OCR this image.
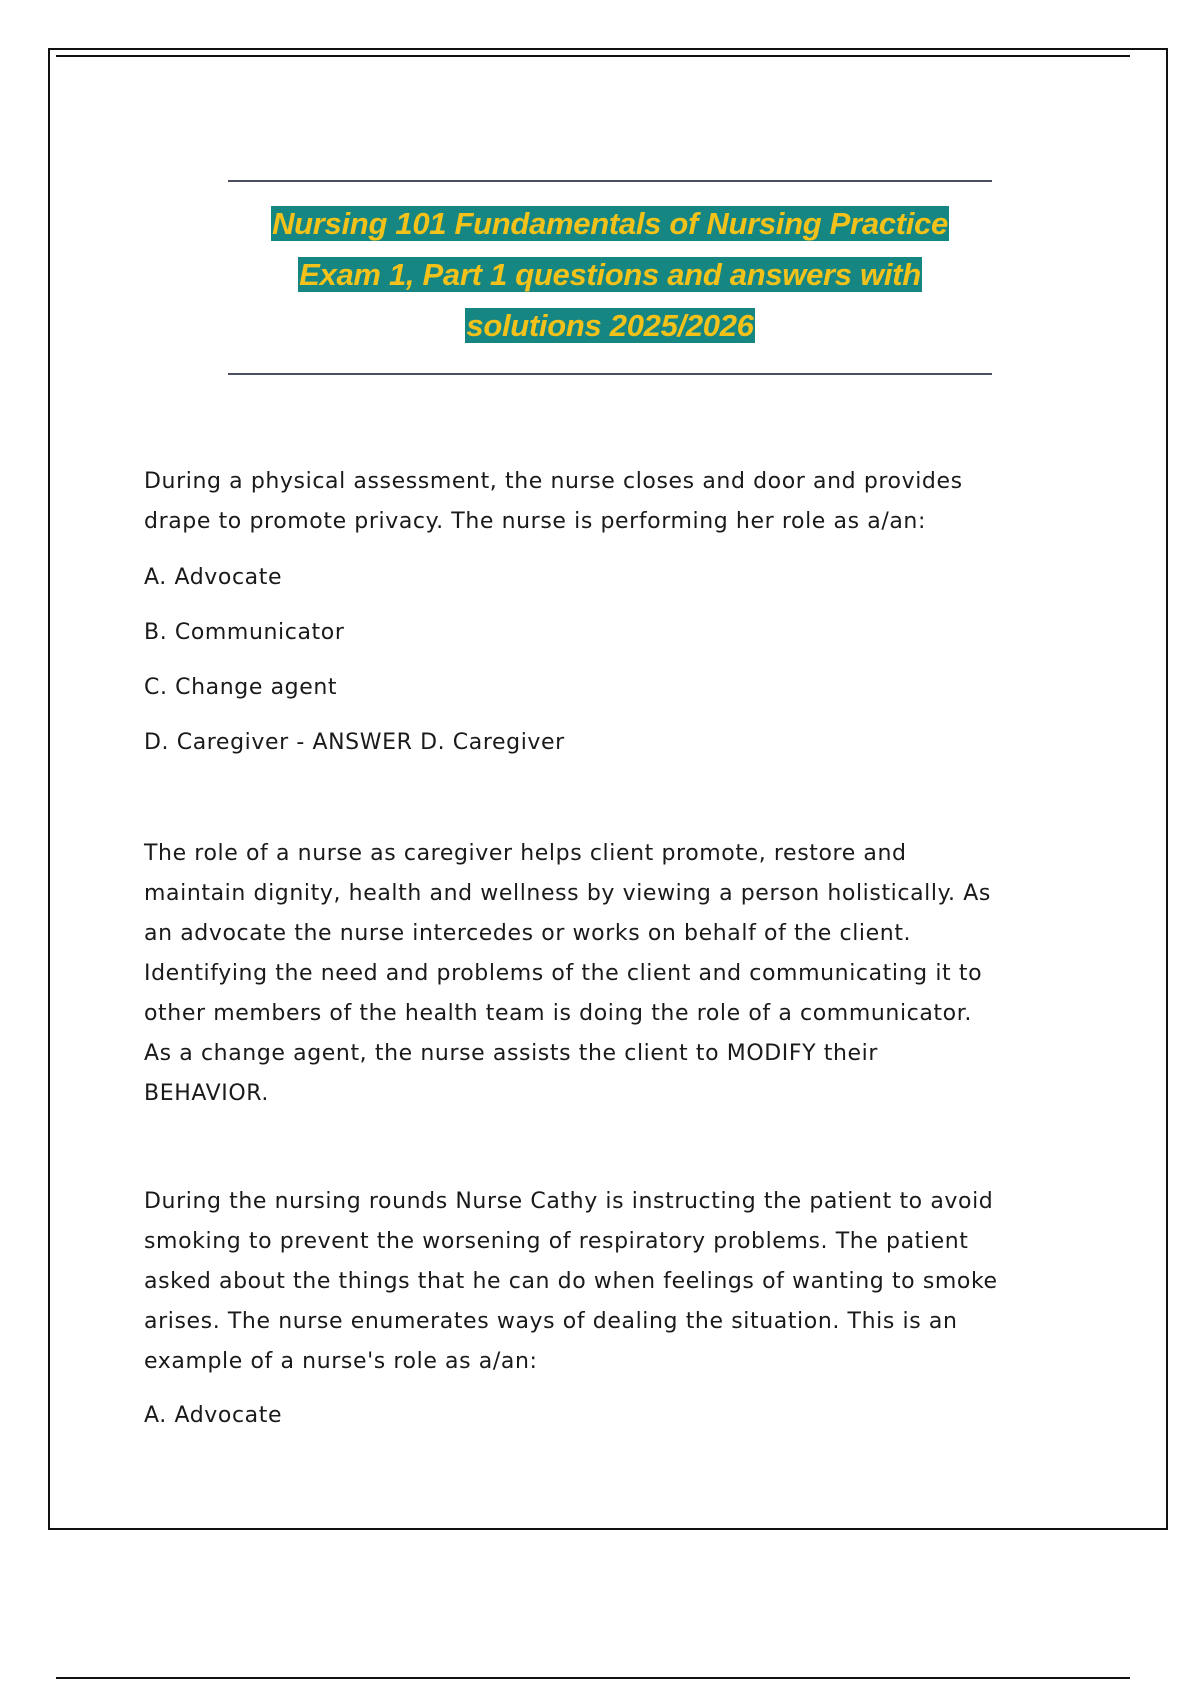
Nursing 101 Fundamentals of Nursing Practice
Exam 1, Part 1 questions and answers with
solutions 2025/2026

During a physical assessment, the nurse closes and door and provides

drape to promote privacy. The nurse is performing her role as a/an:

A. Advocate

B. Communicator

C. Change agent

D. Caregiver - ANSWER D. Caregiver

The role of a nurse as caregiver helps client promote, restore and

maintain dignity, health and wellness by viewing a person holistically. As

an advocate the nurse intercedes or works on behalf of the client.

Identifying the need and problems of the client and communicating it to

other members of the health team is doing the role of a communicator.

As a change agent, the nurse assists the client to MODIFY their

BEHAVIOR.

During the nursing rounds Nurse Cathy is instructing the patient to avoid

smoking to prevent the worsening of respiratory problems. The patient

asked about the things that he can do when feelings of wanting to smoke

arises. The nurse enumerates ways of dealing the situation. This is an

example of a nurse's role as a/an:

A. Advocate
